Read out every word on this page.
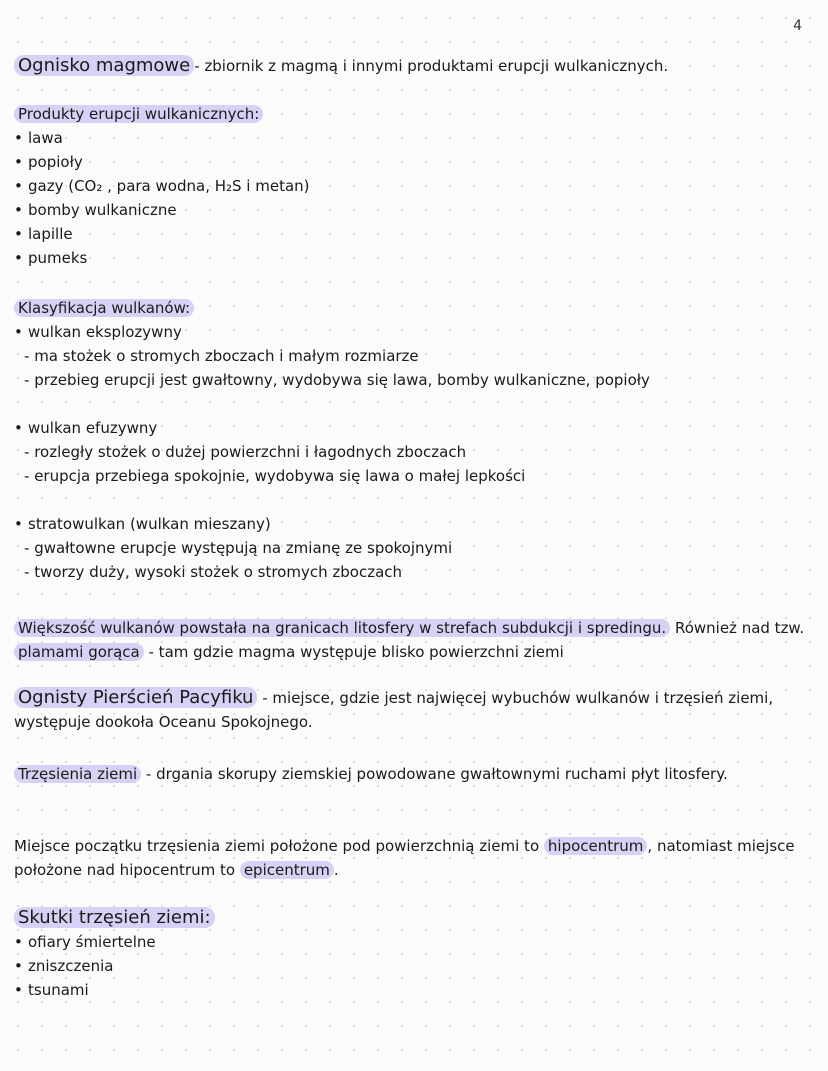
4
Ognisko magmowe - zbiornik z magmą i innymi produktami erupcji wulkanicznych.
Produkty erupcji wulkanicznych:
• lawa
• popioły
• gazy (CO₂ , para wodna, H₂S i metan)
• bomby wulkaniczne
• lapille
• pumeks
Klasyfikacja wulkanów:
• wulkan eksplozywny
- ma stożek o stromych zboczach i małym rozmiarze
- przebieg erupcji jest gwałtowny, wydobywa się lawa, bomby wulkaniczne, popioły
• wulkan efuzywny
- rozległy stożek o dużej powierzchni i łagodnych zboczach
- erupcja przebiega spokojnie, wydobywa się lawa o małej lepkości
• stratowulkan (wulkan mieszany)
- gwałtowne erupcje występują na zmianę ze spokojnymi
- tworzy duży, wysoki stożek o stromych zboczach
Większość wulkanów powstała na granicach litosfery w strefach subdukcji i spredingu. Również nad tzw. plamami gorąca - tam gdzie magma występuje blisko powierzchni ziemi
Ognisty Pierścień Pacyfiku - miejsce, gdzie jest najwięcej wybuchów wulkanów i trzęsień ziemi, występuje dookoła Oceanu Spokojnego.
Trzęsienia ziemi - drgania skorupy ziemskiej powodowane gwałtownymi ruchami płyt litosfery.
Miejsce początku trzęsienia ziemi położone pod powierzchnią ziemi to hipocentrum , natomiast miejsce położone nad hipocentrum to epicentrum .
Skutki trzęsień ziemi:
• ofiary śmiertelne
• zniszczenia
• tsunami
